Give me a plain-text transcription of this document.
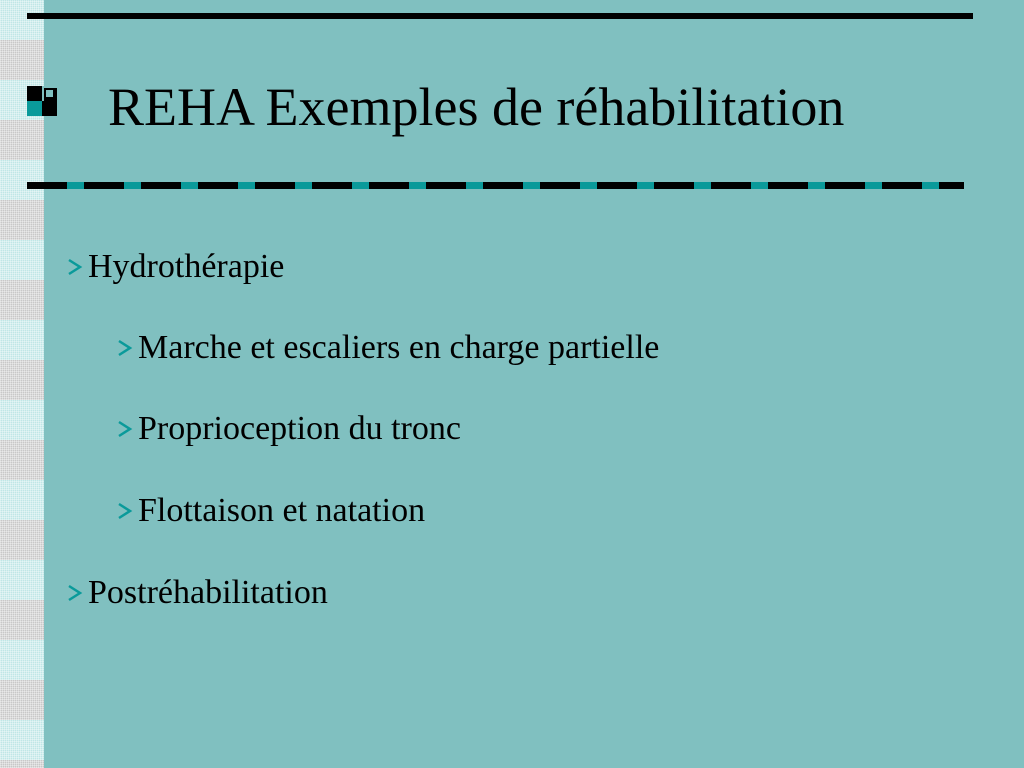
REHA Exemples de réhabilitation
Hydrothérapie
Marche et escaliers en charge partielle
Proprioception du tronc
Flottaison et natation
Postréhabilitation
